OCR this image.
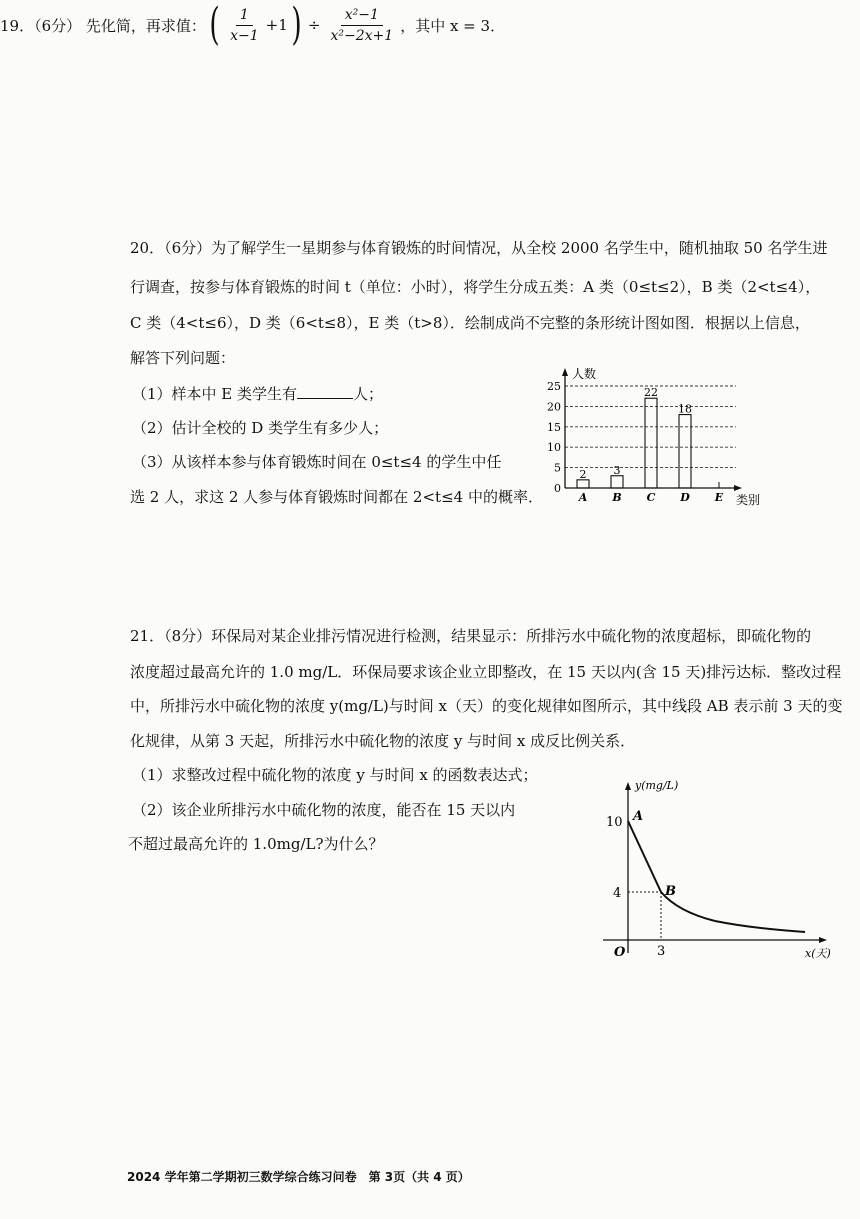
19．（6分） 先化简，再求值： ( $\frac{1}{x-1} +1$ ) ÷ $\frac{\text{x²−1}}{\text{x²−2x+1}}$ ，其中 x = 3．
20．（6分）为了解学生一星期参与体育锻炼的时间情况，从全校 2000 名学生中，随机抽取 50 名学生进
行调查，按参与体育锻炼的时间 t（单位：小时），将学生分成五类：A 类（0≤t≤2），B 类（2<t≤4），
C 类（4<t≤6），D 类（6<t≤8），E 类（t>8）．绘制成尚不完整的条形统计图如图．根据以上信息，
解答下列问题：
（1）样本中 E 类学生有	人；
（2）估计全校的 D 类学生有多少人；
（3）从该样本参与体育锻炼时间在 0≤t≤4 的学生中任
选 2 人，求这 2 人参与体育锻炼时间都在 2<t≤4 中的概率．
人数
类别
0
5
10
15
20
25
2 3
22
18
A B C D E
21．（8分）环保局对某企业排污情况进行检测，结果显示：所排污水中硫化物的浓度超标，即硫化物的
浓度超过最高允许的 1.0 mg/L．环保局要求该企业立即整改，在 15 天以内(含 15 天)排污达标．整改过程
中，所排污水中硫化物的浓度 y(mg/L)与时间 x（天）的变化规律如图所示，其中线段 AB 表示前 3 天的变
化规律，从第 3 天起，所排污水中硫化物的浓度 y 与时间 x 成反比例关系．
（1）求整改过程中硫化物的浓度 y 与时间 x 的函数表达式；
（2）该企业所排污水中硫化物的浓度，能否在 15 天以内
不超过最高允许的 1.0mg/L?为什么？
y(mg/L)
x(天)
O
A
B
10
4
3
2024 学年第二学期初三数学综合练习问卷　第 3页（共 4 页）
